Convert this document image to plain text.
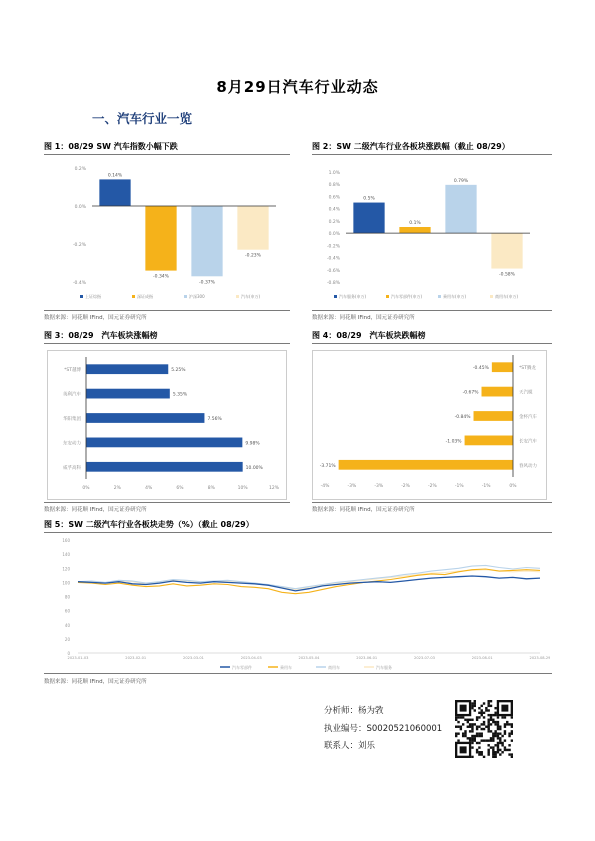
8月29日汽车行业动态
一、汽车行业一览
图 1：08/29 SW 汽车指数小幅下跌
0.2%
0.0%
-0.2%
-0.4%
0.14%
-0.34%
-0.37%
-0.23%
上证综指	深证成指	沪深300	汽车(申万)
数据来源：同花顺 IFind，国元证券研究所
图 2：SW 二级汽车行业各板块涨跌幅（截止 08/29）
1.0%
0.8%
0.6%
0.4%
0.2%
0.0%
-0.2%
-0.4%
-0.6%
-0.8%
0.5%
0.1%
0.79%
-0.58%
汽车服务(申万)	汽车零部件(申万)	乘用车(申万)	商用车(申万)
数据来源：同花顺 IFind，国元证券研究所
图 3：08/29　汽车板块涨幅榜
0%	2%	4%	6%	8%	10%	12%
*ST越博	5.25%
英利汽车	5.35%
华阳集团	7.56%
东安动力	9.98%
威孚高科	10.00%
数据来源：同花顺 IFind，国元证券研究所
图 4：08/29　汽车板块跌幅榜
-4%	-3%	-3%	-2%	-2%	-1%	-1%	0%
*ST腾龙
-0.45%
天汽模
-0.67%
金杯汽车
-0.84%
长安汽车
-1.03%
春风动力
-3.71%
数据来源：同花顺 IFind，国元证券研究所
图 5：SW 二级汽车行业各板块走势（%）（截止 08/29）
160
140
120
100
80
60
40
20
0
2023-01-03	2023-02-01	2023-03-01	2023-04-03	2023-05-04	2023-06-01	2023-07-03	2023-08-01	2023-08-29
汽车零部件	乘用车	商用车	汽车服务
数据来源：同花顺 IFind，国元证券研究所
分析师：杨为敩
执业编号：S0020521060001
联系人：刘乐
